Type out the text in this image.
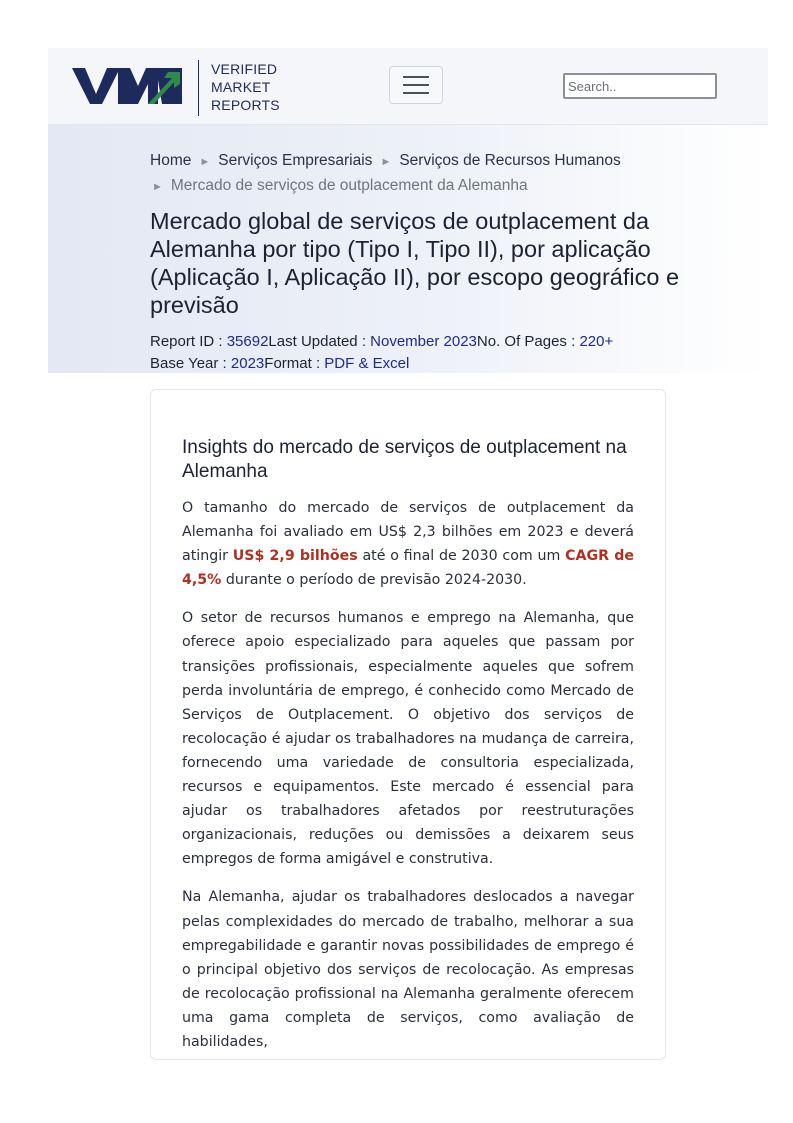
VERIFIED
MARKET
REPORTS
Search..
Home ► Serviços Empresariais ► Serviços de Recursos Humanos
► Mercado de serviços de outplacement da Alemanha
Mercado global de serviços de outplacement da Alemanha por tipo (Tipo I, Tipo II), por aplicação (Aplicação I, Aplicação II), por escopo geográfico e previsão
Report ID : 35692Last Updated : November 2023No. Of Pages : 220+
Base Year : 2023Format : PDF & Excel
Insights do mercado de serviços de outplacement na Alemanha

O tamanho do mercado de serviços de outplacement da Alemanha foi avaliado em US$ 2,3 bilhões em 2023 e deverá atingir US$ 2,9 bilhões até o final de 2030 com um CAGR de 4,5% durante o período de previsão 2024-2030.

O setor de recursos humanos e emprego na Alemanha, que oferece apoio especializado para aqueles que passam por transições profissionais, especialmente aqueles que sofrem perda involuntária de emprego, é conhecido como Mercado de Serviços de Outplacement. O objetivo dos serviços de recolocação é ajudar os trabalhadores na mudança de carreira, fornecendo uma variedade de consultoria especializada, recursos e equipamentos. Este mercado é essencial para ajudar os trabalhadores afetados por reestruturações organizacionais, reduções ou demissões a deixarem seus empregos de forma amigável e construtiva.

Na Alemanha, ajudar os trabalhadores deslocados a navegar pelas complexidades do mercado de trabalho, melhorar a sua empregabilidade e garantir novas possibilidades de emprego é o principal objetivo dos serviços de recolocação. As empresas de recolocação profissional na Alemanha geralmente oferecem uma gama completa de serviços, como avaliação de habilidades,
